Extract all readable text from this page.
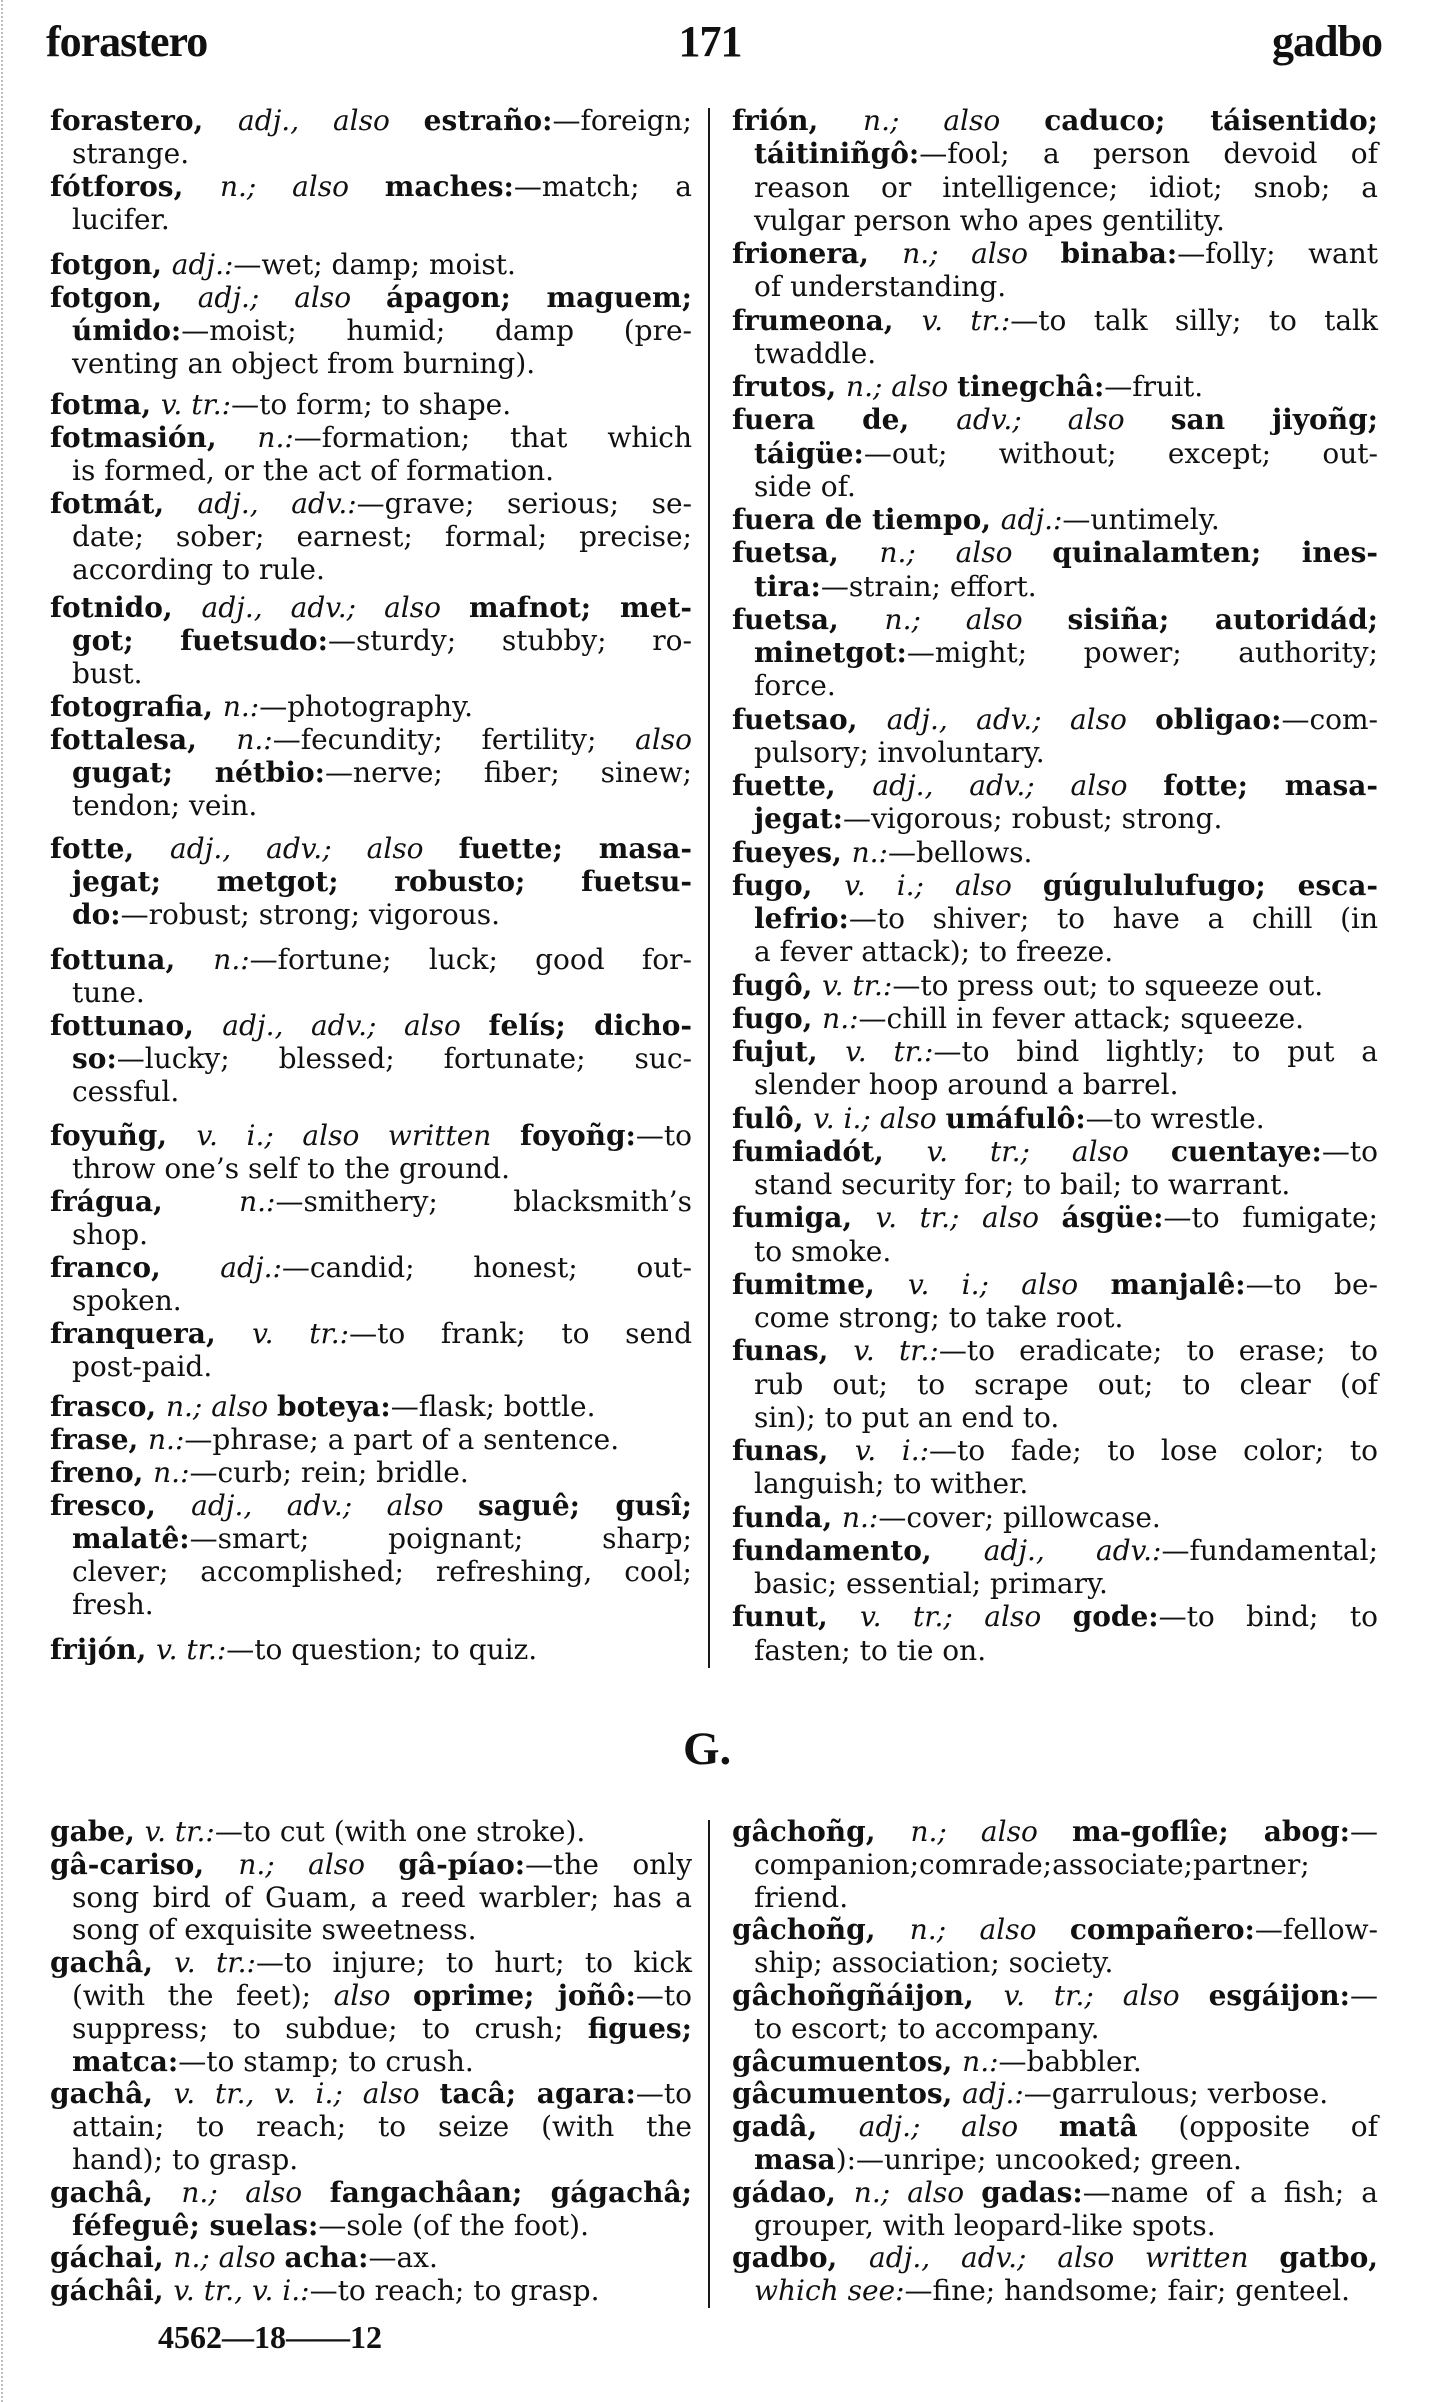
forastero	171	gadbo
forastero, adj., also estraño:—foreign;
strange.
fótforos, n.; also maches:—match; a
lucifer.
fotgon, adj.:—wet; damp; moist.
fotgon, adj.; also ápagon; maguem;
úmido:—moist; humid; damp (pre-
venting an object from burning).
fotma, v. tr.:—to form; to shape.
fotmasión, n.:—formation; that which
is formed, or the act of formation.
fotmát, adj., adv.:—grave; serious; se-
date; sober; earnest; formal; precise;
according to rule.
fotnido, adj., adv.; also mafnot; met-
got; fuetsudo:—sturdy; stubby; ro-
bust.
fotografia, n.:—photography.
fottalesa, n.:—fecundity; fertility; also
gugat; nétbio:—nerve; fiber; sinew;
tendon; vein.
fotte, adj., adv.; also fuette; masa-
jegat; metgot; robusto; fuetsu-
do:—robust; strong; vigorous.
fottuna, n.:—fortune; luck; good for-
tune.
fottunao, adj., adv.; also felís; dicho-
so:—lucky; blessed; fortunate; suc-
cessful.
foyuñg, v. i.; also written foyoñg:—to
throw one’s self to the ground.
frágua, n.:—smithery; blacksmith’s
shop.
franco, adj.:—candid; honest; out-
spoken.
franquera, v. tr.:—to frank; to send
post-paid.
frasco, n.; also boteya:—flask; bottle.
frase, n.:—phrase; a part of a sentence.
freno, n.:—curb; rein; bridle.
fresco, adj., adv.; also saguê; gusî;
malatê:—smart; poignant; sharp;
clever; accomplished; refreshing, cool;
fresh.
frijón, v. tr.:—to question; to quiz.
frión, n.; also caduco; táisentido;
táitiniñgô:—fool; a person devoid of
reason or intelligence; idiot; snob; a
vulgar person who apes gentility.
frionera, n.; also binaba:—folly; want
of understanding.
frumeona, v. tr.:—to talk silly; to talk
twaddle.
frutos, n.; also tinegchâ:—fruit.
fuera de, adv.; also san jiyoñg;
táigüe:—out; without; except; out-
side of.
fuera de tiempo, adj.:—untimely.
fuetsa, n.; also quinalamten; ines-
tira:—strain; effort.
fuetsa, n.; also sisiña; autoridád;
minetgot:—might; power; authority;
force.
fuetsao, adj., adv.; also obligao:—com-
pulsory; involuntary.
fuette, adj., adv.; also fotte; masa-
jegat:—vigorous; robust; strong.
fueyes, n.:—bellows.
fugo, v. i.; also gúgululufugo; esca-
lefrio:—to shiver; to have a chill (in
a fever attack); to freeze.
fugô, v. tr.:—to press out; to squeeze out.
fugo, n.:—chill in fever attack; squeeze.
fujut, v. tr.:—to bind lightly; to put a
slender hoop around a barrel.
fulô, v. i.; also umáfulô:—to wrestle.
fumiadót, v. tr.; also cuentaye:—to
stand security for; to bail; to warrant.
fumiga, v. tr.; also ásgüe:—to fumigate;
to smoke.
fumitme, v. i.; also manjalê:—to be-
come strong; to take root.
funas, v. tr.:—to eradicate; to erase; to
rub out; to scrape out; to clear (of
sin); to put an end to.
funas, v. i.:—to fade; to lose color; to
languish; to wither.
funda, n.:—cover; pillowcase.
fundamento, adj., adv.:—fundamental;
basic; essential; primary.
funut, v. tr.; also gode:—to bind; to
fasten; to tie on.
G.
gabe, v. tr.:—to cut (with one stroke).
gâ-cariso, n.; also gâ-píao:—the only
song bird of Guam, a reed warbler; has a
song of exquisite sweetness.
gachâ, v. tr.:—to injure; to hurt; to kick
(with the feet); also oprime; joñô:—to
suppress; to subdue; to crush; figues;
matca:—to stamp; to crush.
gachâ, v. tr., v. i.; also tacâ; agara:—to
attain; to reach; to seize (with the
hand); to grasp.
gachâ, n.; also fangachâan; gágachâ;
féfeguê; suelas:—sole (of the foot).
gáchai, n.; also acha:—ax.
gáchâi, v. tr., v. i.:—to reach; to grasp.
gâchoñg, n.; also ma-goflîe; abog:—
companion;comrade;associate;partner;
friend.
gâchoñg, n.; also compañero:—fellow-
ship; association; society.
gâchoñgñáijon, v. tr.; also esgáijon:—
to escort; to accompany.
gâcumuentos, n.:—babbler.
gâcumuentos, adj.:—garrulous; verbose.
gadâ, adj.; also matâ (opposite of
masa):—unripe; uncooked; green.
gádao, n.; also gadas:—name of a fish; a
grouper, with leopard-like spots.
gadbo, adj., adv.; also written gatbo,
which see:—fine; handsome; fair; genteel.
4562—18——12
